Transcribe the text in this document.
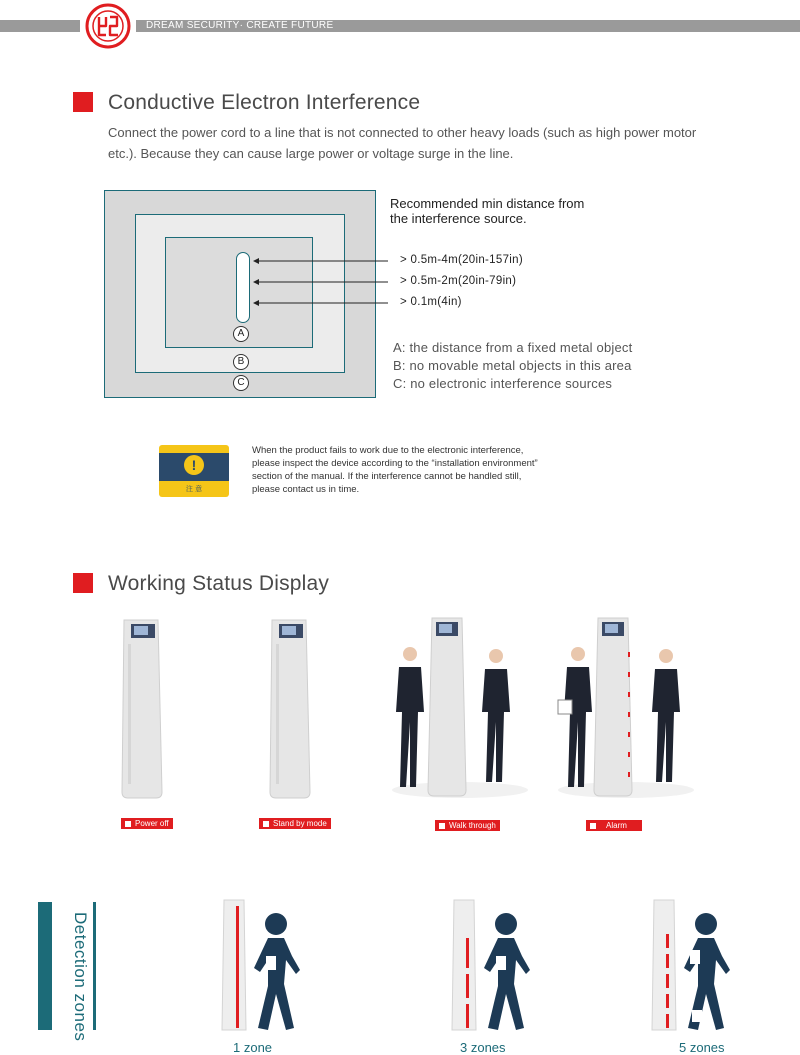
DREAM SECURITY· CREATE FUTURE
Conductive Electron Interference
Connect the power cord to a line that is not connected to other heavy loads (such as high power motor etc.). Because they can cause large power or voltage surge in the line.
> 0.5m-4m(20in-157in)
> 0.5m-2m(20in-79in)
> 0.1m(4in)
A
B
C
Recommended min distance from
the interference source.
A: the distance from a fixed metal object
B: no movable metal objects in this area
C: no electronic interference sources
!
注 意
When the product fails to work due to the electronic interference,
please inspect the device according to the “installation environment”
section of the manual. If the interference cannot be handled still,
please contact us in time.
Working Status Display
Power off	Stand by mode	Walk through	Alarm
Detection zones
1 zone	3 zones	5 zones
